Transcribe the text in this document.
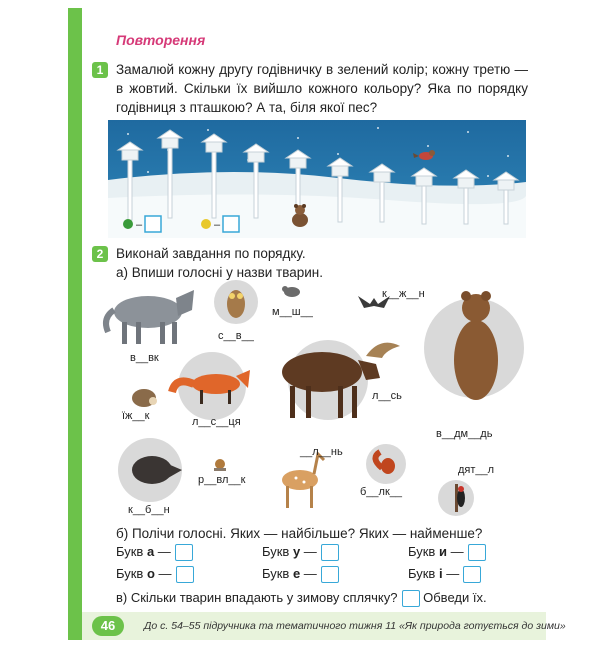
Повторення
1 Замалюй кожну другу годівничку в зелений колір; кожну третю — в жовтий. Скільки їх вийшло кожного кольору? Яка по порядку годівниця з пташкою? А та, біля якої пес?
–	–
2 Виконай завдання по порядку.
а) Впиши голосні у назви тварин.
в__вк
с__в__
м__ш__
к__ж__н
в__дм__дь
їж__к	л__с__ця
л__сь
к__б__н
р__вл__к
__л__нь
б__лк__
дят__л
б) Полічи голосні. Яких — найбільше? Яких — найменше?
Букв а —	Букв у —	Букв и —
Букв о —	Букв е —	Букв і —
в) Скільки тварин впадають у зимову сплячку? Обведи їх.
46	До с. 54–55 підручника та тематичного тижня 11 «Як природа готується до зими»
